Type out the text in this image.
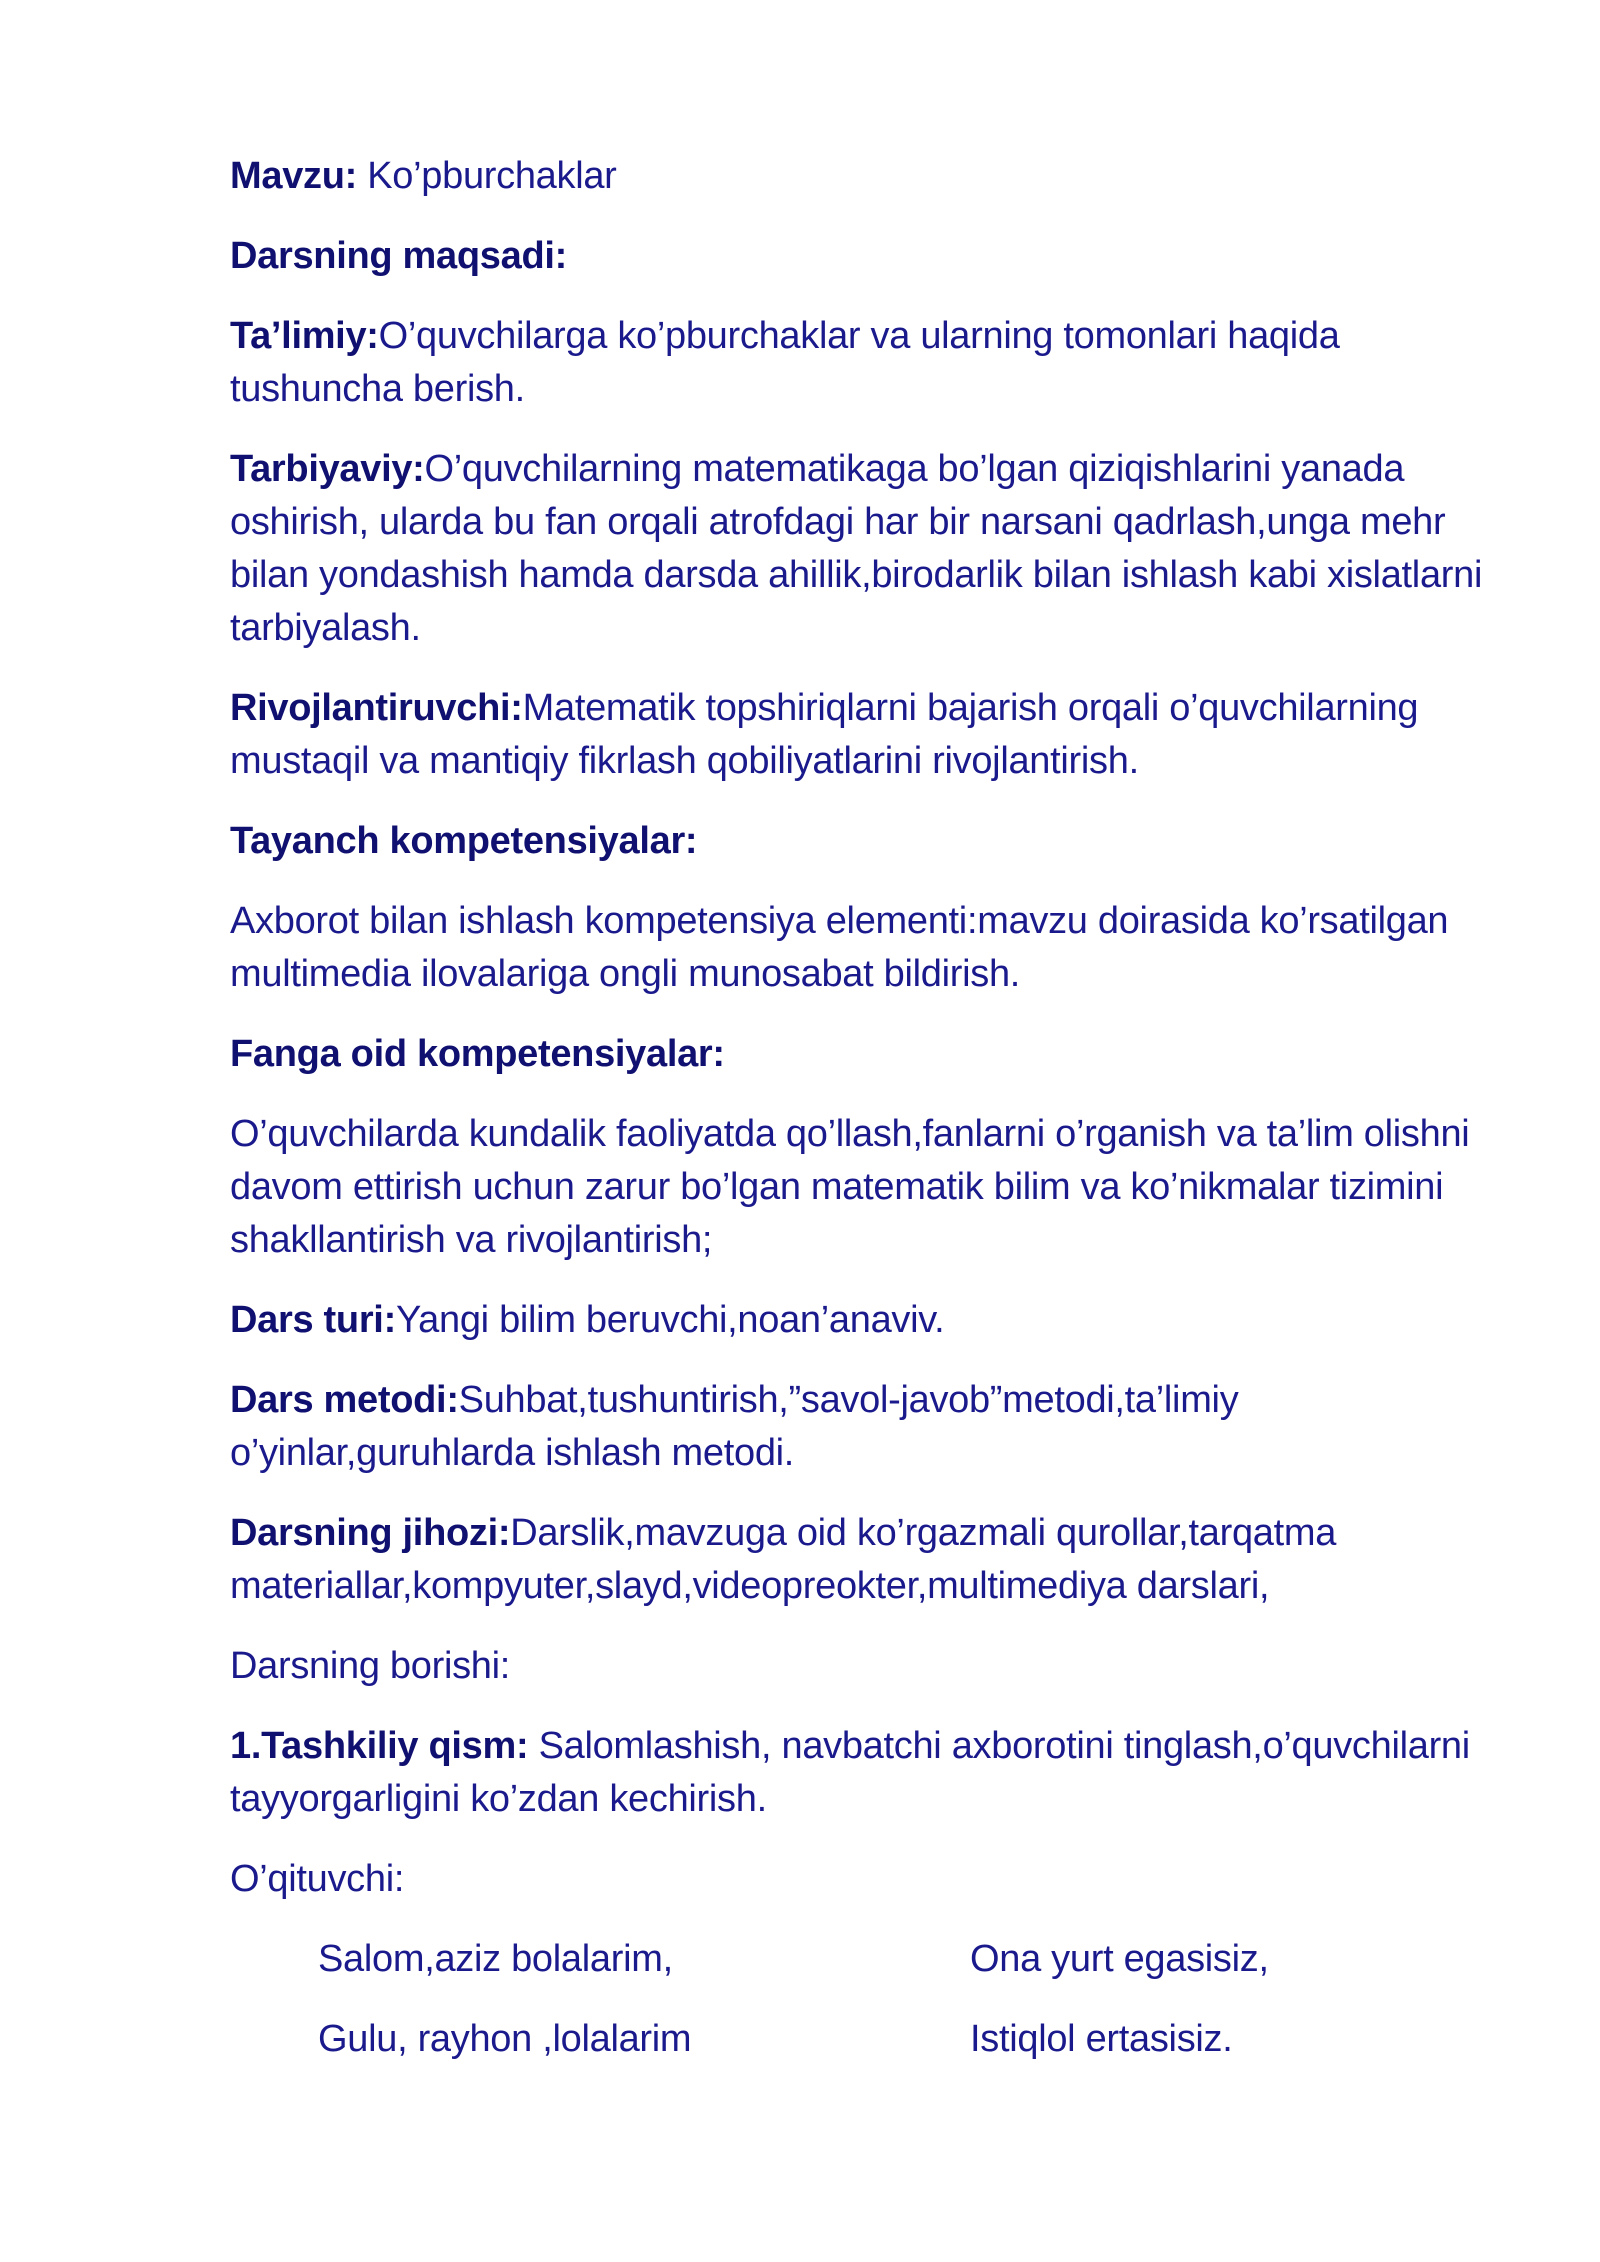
Mavzu: Ko’pburchaklar

Darsning maqsadi:

Ta’limiy:O’quvchilarga ko’pburchaklar va ularning tomonlari haqida tushuncha berish.

Tarbiyaviy:O’quvchilarning matematikaga bo’lgan qiziqishlarini yanada oshirish, ularda bu fan orqali atrofdagi har bir narsani qadrlash,unga mehr bilan yondashish hamda darsda ahillik,birodarlik bilan ishlash kabi xislatlarni tarbiyalash.

Rivojlantiruvchi:Matematik topshiriqlarni bajarish orqali o’quvchilarning mustaqil va mantiqiy fikrlash qobiliyatlarini rivojlantirish.

Tayanch kompetensiyalar:

Axborot bilan ishlash kompetensiya elementi:mavzu doirasida ko’rsatilgan multimedia ilovalariga ongli munosabat bildirish.

Fanga oid kompetensiyalar:

O’quvchilarda kundalik faoliyatda qo’llash,fanlarni o’rganish va ta’lim olishni davom ettirish uchun zarur bo’lgan matematik bilim va ko’nikmalar tizimini shakllantirish va rivojlantirish;

Dars turi:Yangi bilim beruvchi,noan’anaviv.

Dars metodi:Suhbat,tushuntirish,”savol-javob”metodi,ta’limiy o’yinlar,guruhlarda ishlash metodi.

Darsning jihozi:Darslik,mavzuga oid ko’rgazmali qurollar,tarqatma materiallar,kompyuter,slayd,videopreokter,multimediya darslari,

Darsning borishi:

1.Tashkiliy qism: Salomlashish, navbatchi axborotini tinglash,o’quvchilarni tayyorgarligini ko’zdan kechirish.

O’qituvchi:

Salom,aziz bolalarim,	Ona yurt egasisiz,
Gulu, rayhon ,lolalarim	Istiqlol ertasisiz.
